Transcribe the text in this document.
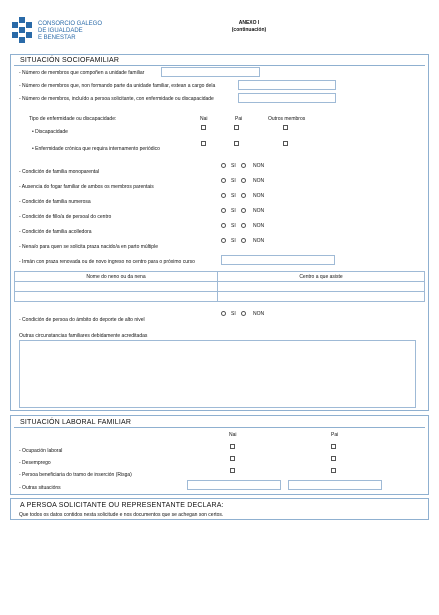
CONSORCIO GALEGO
DE IGUALDADE
E BENESTAR
ANEXO I
(continuación)
SITUACIÓN SOCIOFAMILIAR
- Número de membros que compoñen a unidade familiar
- Número de membros que, non formando parte da unidade familiar, estean a cargo dela
- Número de membros, incluído a persoa solicitante, con enfermidade ou discapacidade
Tipo de enfermidade ou discapacidade:	Nai	Pai	Outros membros
• Discapacidade
• Enfermidade crónica que requira internamento periódico
- Condición de familia monoparental
SI	NON
- Ausencia do fogar familiar de ambos os membros parentais
SI	NON
- Condición de familia numerosa
SI	NON
- Condición de fillo/a de persoal do centro
SI	NON
- Condición de familia acolledora
SI	NON
- Nena/o para quen se solicita praza nacido/a en parto múltiple
SI	NON
- Irmán con praza renovada ou de novo ingreso no centro para o próximo curso
Nome do neno ou da nena	Centro a que asiste
- Condición de persoa do ámbito do deporte de alto nivel
SI	NON
Outras circunstancias familiares debidamente acreditadas
SITUACIÓN LABORAL FAMILIAR
Nai	Pai
- Ocupación laboral
- Desemprego
- Persoa beneficiaria do tramo de inserción (Risga)
- Outras situacións
A PERSOA SOLICITANTE OU REPRESENTANTE DECLARA:
Que todos os datos contidos nesta solicitude e nos documentos que se achegan son certos.
